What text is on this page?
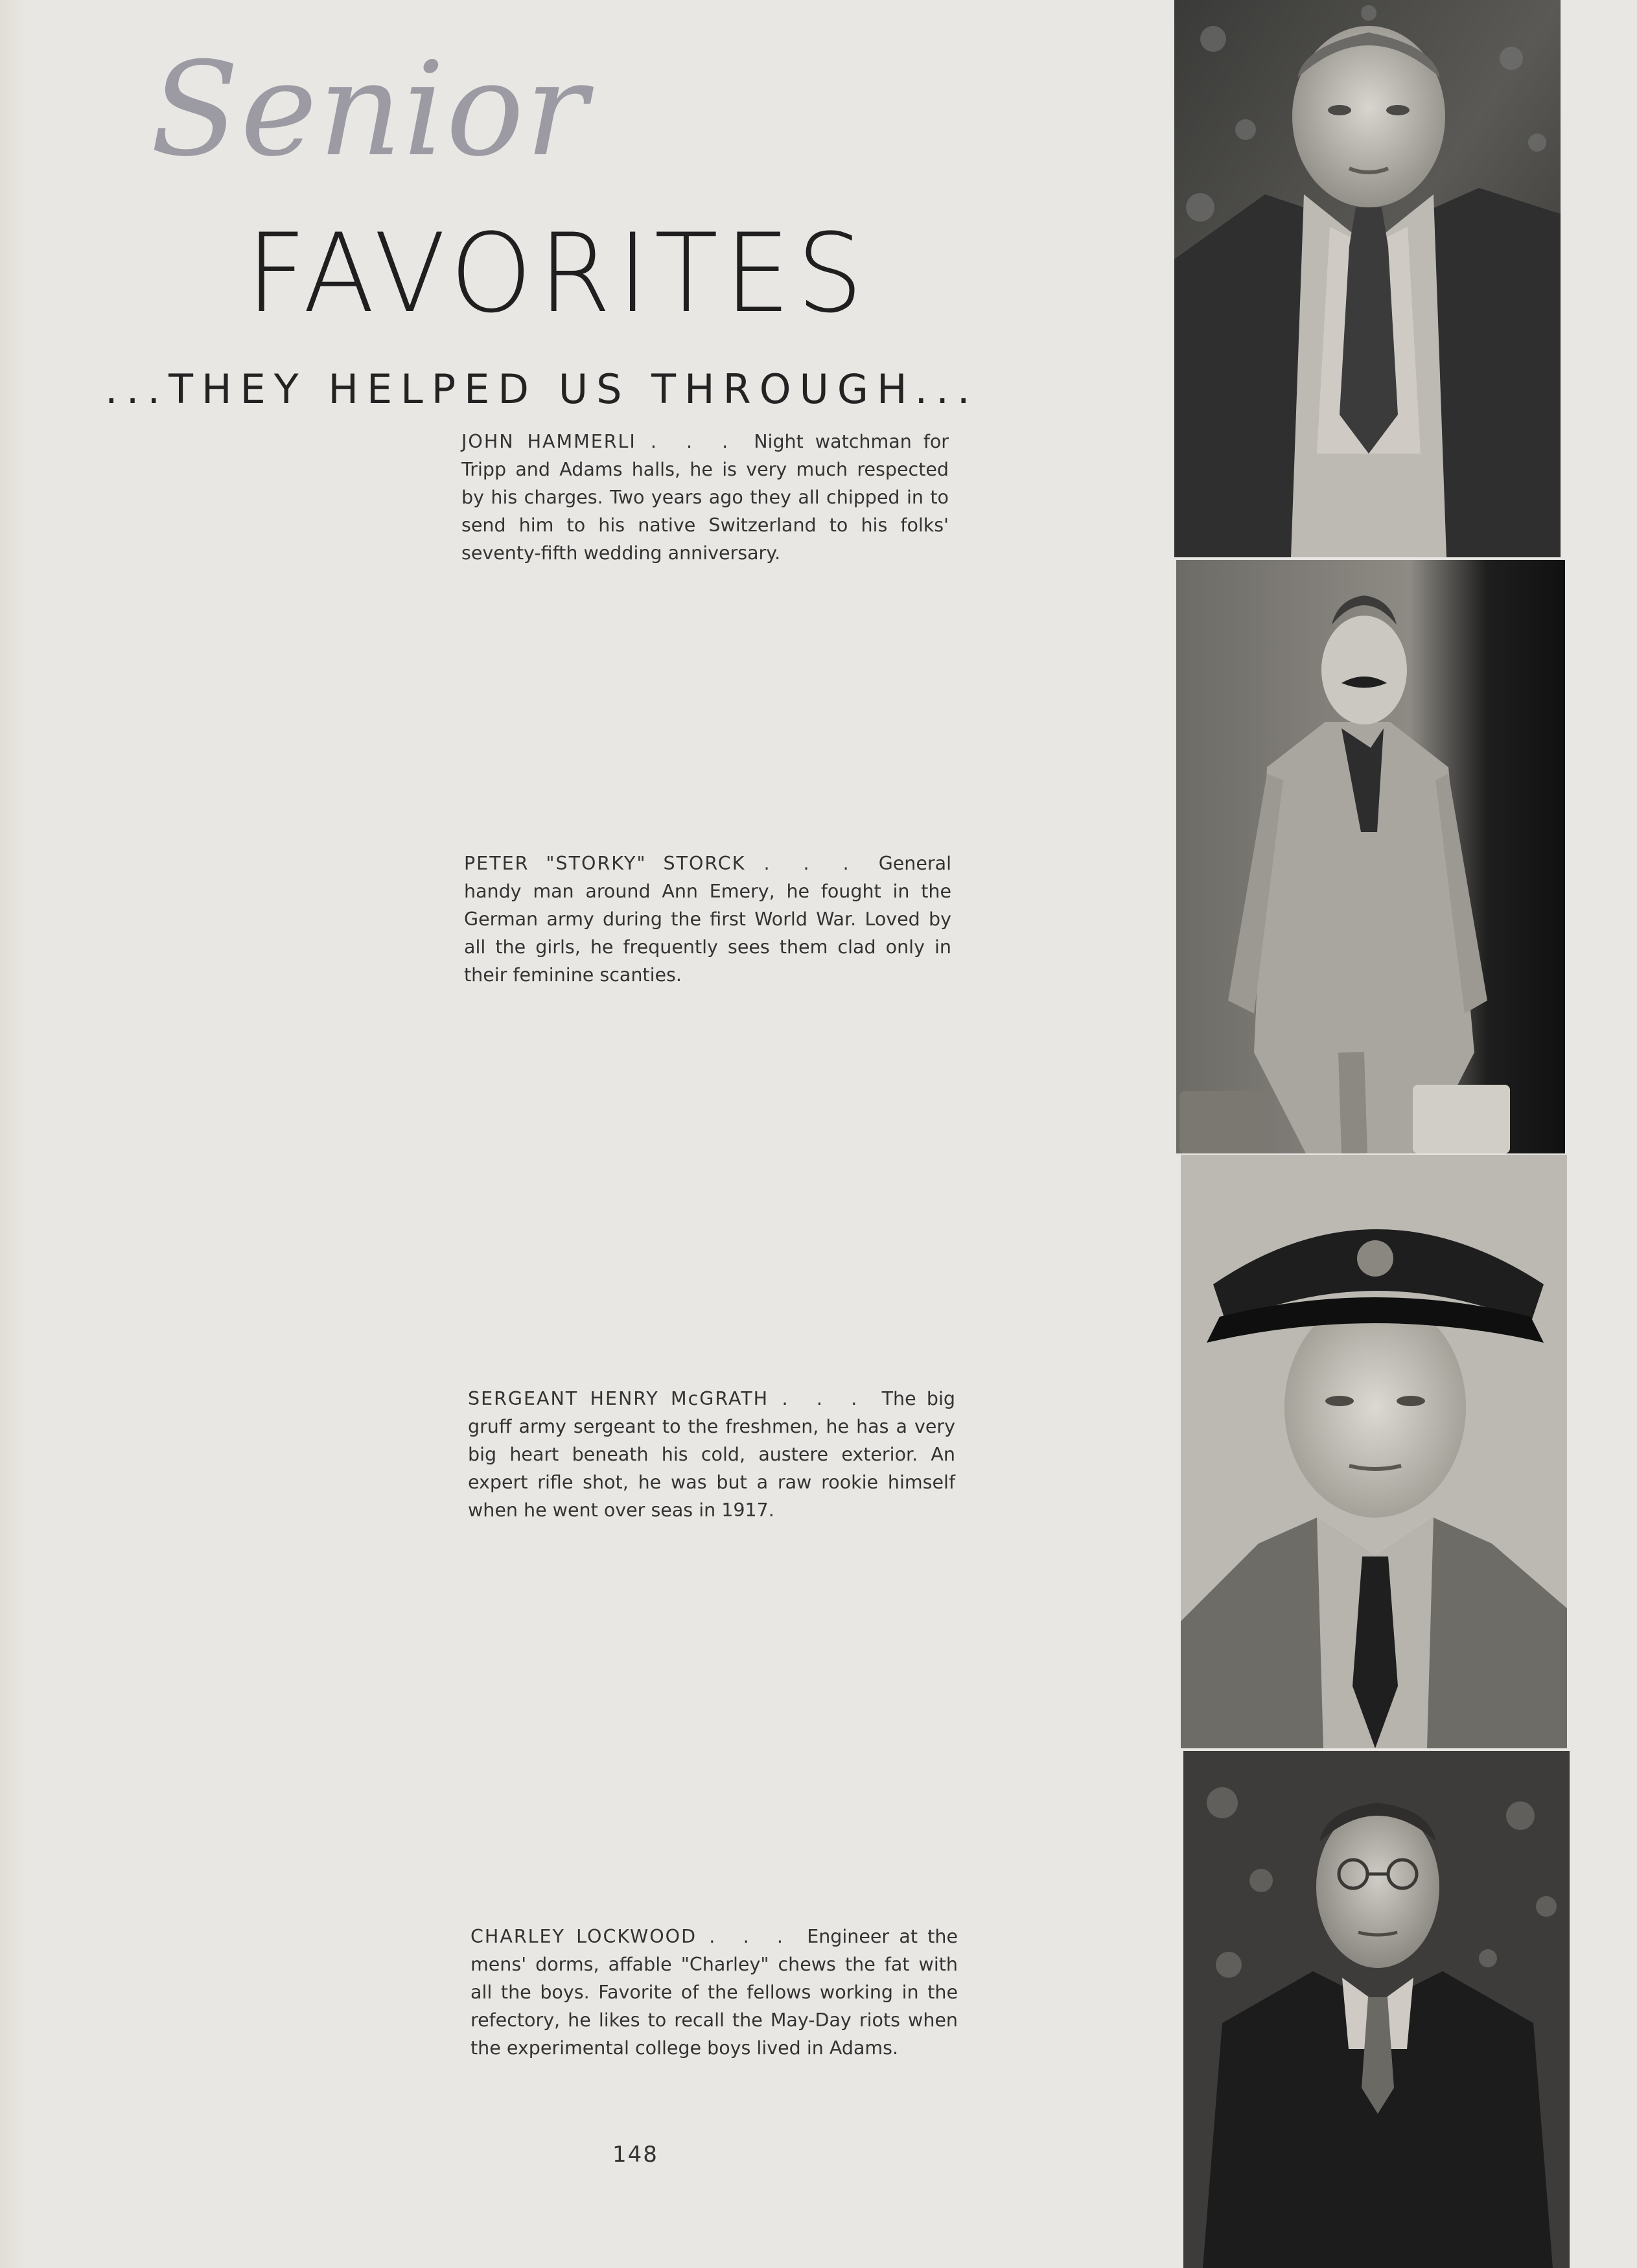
Senior
FAVORITES
...THEY HELPED US THROUGH...
JOHN HAMMERLI . . . Night watchman for Tripp and Adams halls, he is very much respected by his charges. Two years ago they all chipped in to send him to his native Switzerland to his folks' seventy-fifth wedding anniversary.
PETER "STORKY" STORCK . . . General handy man around Ann Emery, he fought in the German army during the first World War. Loved by all the girls, he frequently sees them clad only in their feminine scanties.
SERGEANT HENRY McGRATH . . . The big gruff army sergeant to the freshmen, he has a very big heart beneath his cold, austere exterior. An expert rifle shot, he was but a raw rookie himself when he went over seas in 1917.
CHARLEY LOCKWOOD . . . Engineer at the mens' dorms, affable "Charley" chews the fat with all the boys. Favorite of the fellows working in the refectory, he likes to recall the May-Day riots when the experimental college boys lived in Adams.
148
